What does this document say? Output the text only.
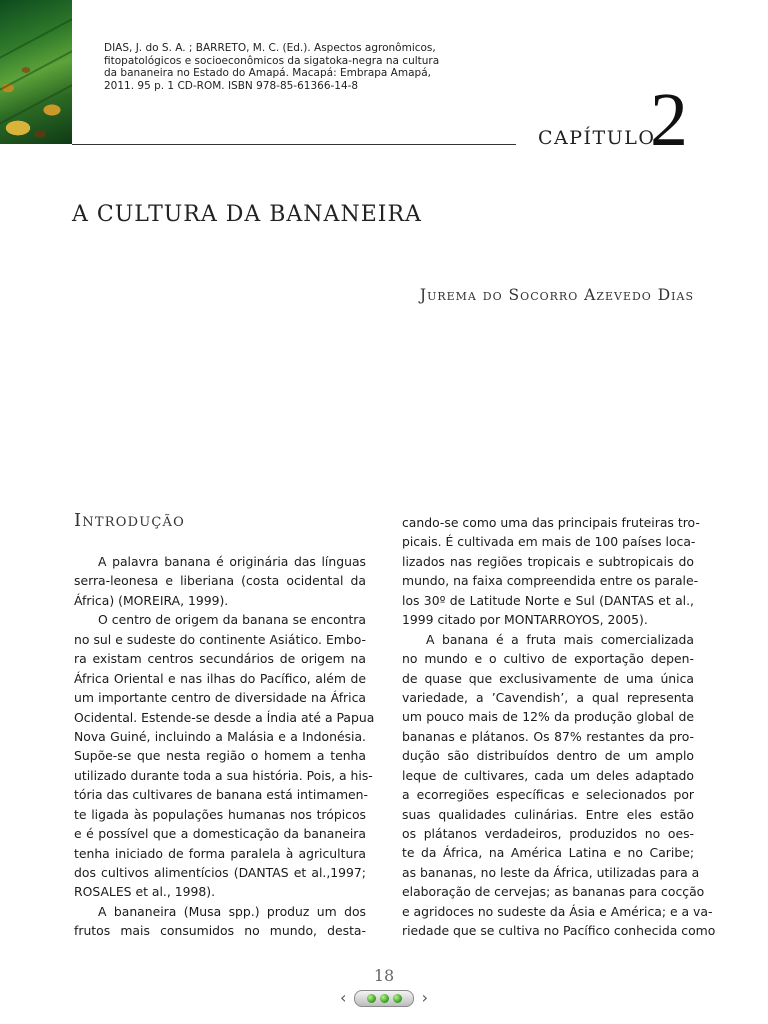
DIAS, J. do S. A. ; BARRETO, M. C. (Ed.). Aspectos agronômicos,
fitopatológicos e socioeconômicos da sigatoka-negra na cultura
da bananeira no Estado do Amapá. Macapá: Embrapa Amapá,
2011. 95 p. 1 CD-ROM. ISBN 978-85-61366-14-8
CAPÍTULO
2
A CULTURA DA BANANEIRA
Jurema do Socorro Azevedo Dias
Introdução
A palavra banana é originária das línguas
serra-leonesa e liberiana (costa ocidental da
África) (MOREIRA, 1999).
O centro de origem da banana se encontra
no sul e sudeste do continente Asiático. Embo-
ra existam centros secundários de origem na
África Oriental e nas ilhas do Pacífico, além de
um importante centro de diversidade na África
Ocidental. Estende-se desde a Índia até a Papua
Nova Guiné, incluindo a Malásia e a Indonésia.
Supõe-se que nesta região o homem a tenha
utilizado durante toda a sua história. Pois, a his-
tória das cultivares de banana está intimamen-
te ligada às populações humanas nos trópicos
e é possível que a domesticação da bananeira
tenha iniciado de forma paralela à agricultura
dos cultivos alimentícios (DANTAS et al.,1997;
ROSALES et al., 1998).
A bananeira (Musa spp.) produz um dos
frutos mais consumidos no mundo, desta-
cando-se como uma das principais fruteiras tro-
picais. É cultivada em mais de 100 países loca-
lizados nas regiões tropicais e subtropicais do
mundo, na faixa compreendida entre os parale-
los 30º de Latitude Norte e Sul (DANTAS et al.,
1999 citado por MONTARROYOS, 2005).
A banana é a fruta mais comercializada
no mundo e o cultivo de exportação depen-
de quase que exclusivamente de uma única
variedade, a ’Cavendish’, a qual representa
um pouco mais de 12% da produção global de
bananas e plátanos. Os 87% restantes da pro-
dução são distribuídos dentro de um amplo
leque de cultivares, cada um deles adaptado
a ecorregiões específicas e selecionados por
suas qualidades culinárias. Entre eles estão
os plátanos verdadeiros, produzidos no oes-
te da África, na América Latina e no Caribe;
as bananas, no leste da África, utilizadas para a
elaboração de cervejas; as bananas para cocção
e agridoces no sudeste da Ásia e América; e a va-
riedade que se cultiva no Pacífico conhecida como
18
‹	›
